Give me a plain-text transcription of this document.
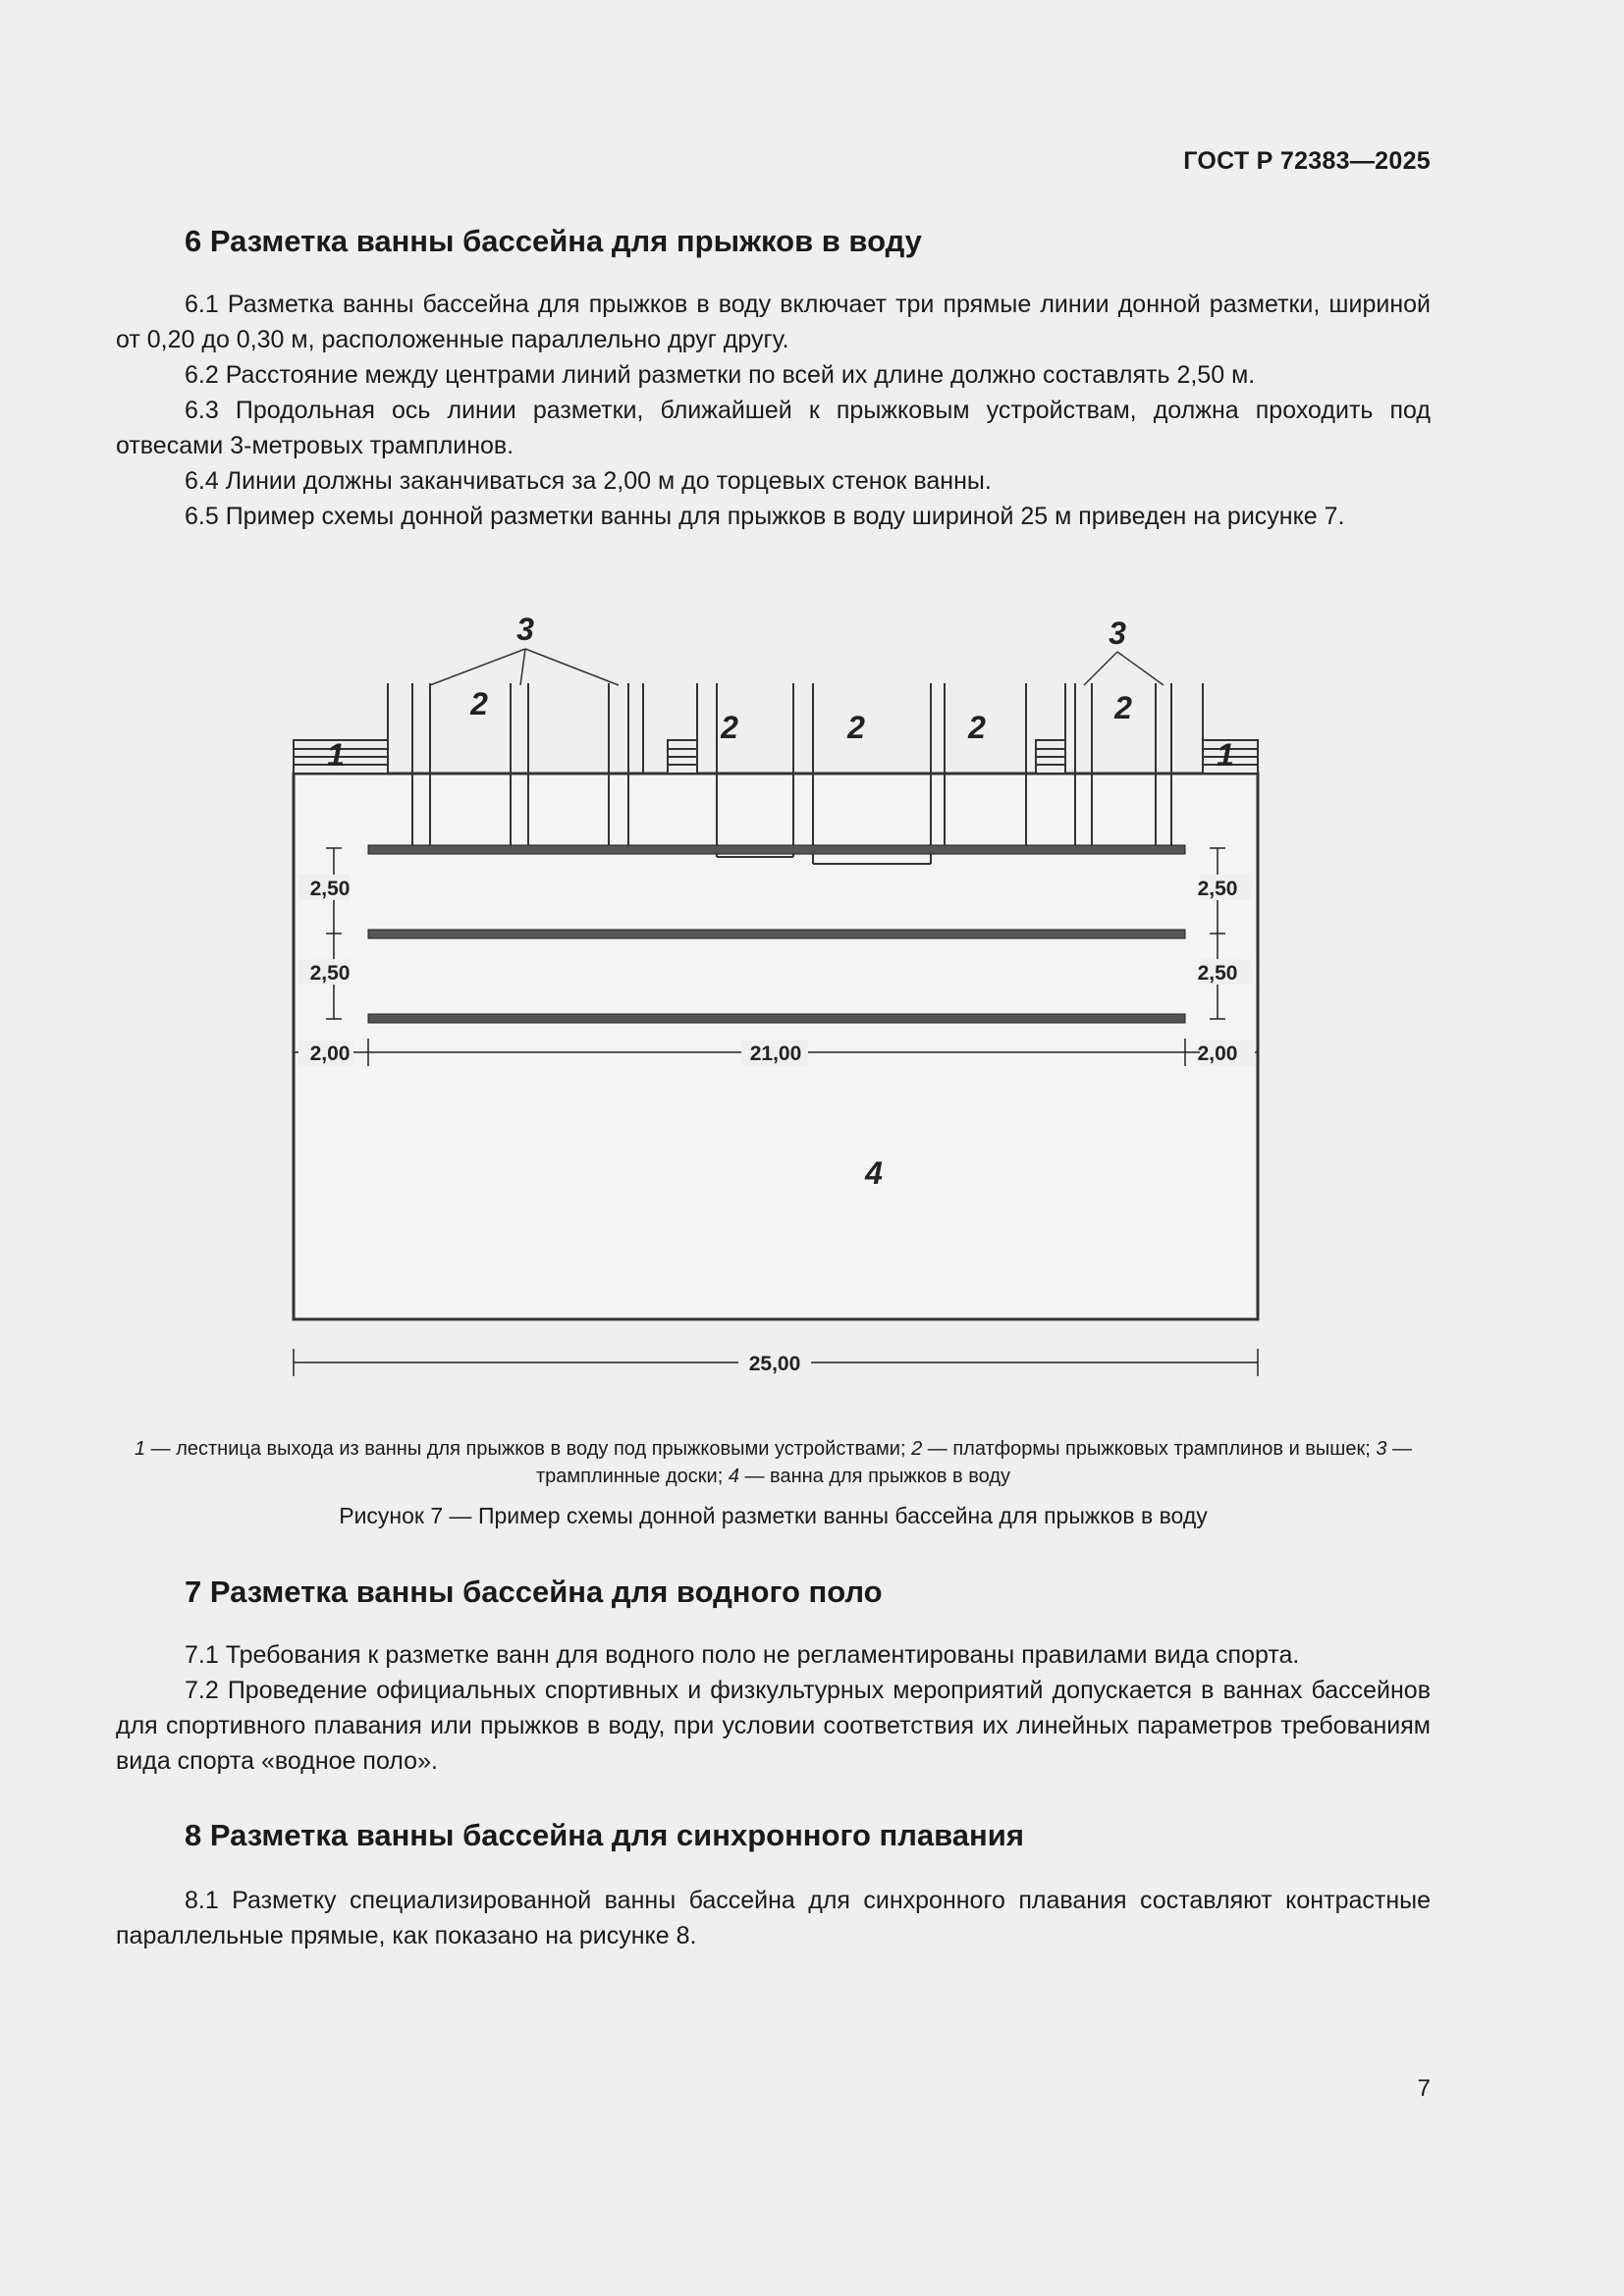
ГОСТ Р 72383—2025
6 Разметка ванны бассейна для прыжков в воду

6.1 Разметка ванны бассейна для прыжков в воду включает три прямые линии донной разметки, шириной от 0,20 до 0,30 м, расположенные параллельно друг другу.

6.2 Расстояние между центрами линий разметки по всей их длине должно составлять 2,50 м.

6.3 Продольная ось линии разметки, ближайшей к прыжковым устройствам, должна проходить под отвесами 3-метровых трамплинов.

6.4 Линии должны заканчиваться за 2,00 м до торцевых стенок ванны.

6.5 Пример схемы донной разметки ванны для прыжков в воду шириной 25 м приведен на рисунке 7.

2,50
2,50
2,50
2,50
2,00	2,00
21,00
25,00
3	3
2
2	2	2
2
1	1
4

1 — лестница выхода из ванны для прыжков в воду под прыжковыми устройствами; 2 — платформы прыжковых трамплинов и вышек; 3 — трамплинные доски; 4 — ванна для прыжков в воду

Рисунок 7 — Пример схемы донной разметки ванны бассейна для прыжков в воду

7 Разметка ванны бассейна для водного поло

7.1 Требования к разметке ванн для водного поло не регламентированы правилами вида спорта.

7.2 Проведение официальных спортивных и физкультурных мероприятий допускается в ваннах бассейнов для спортивного плавания или прыжков в воду, при условии соответствия их линейных параметров требованиям вида спорта «водное поло».

8 Разметка ванны бассейна для синхронного плавания

8.1 Разметку специализированной ванны бассейна для синхронного плавания составляют контрастные параллельные прямые, как показано на рисунке 8.

7
